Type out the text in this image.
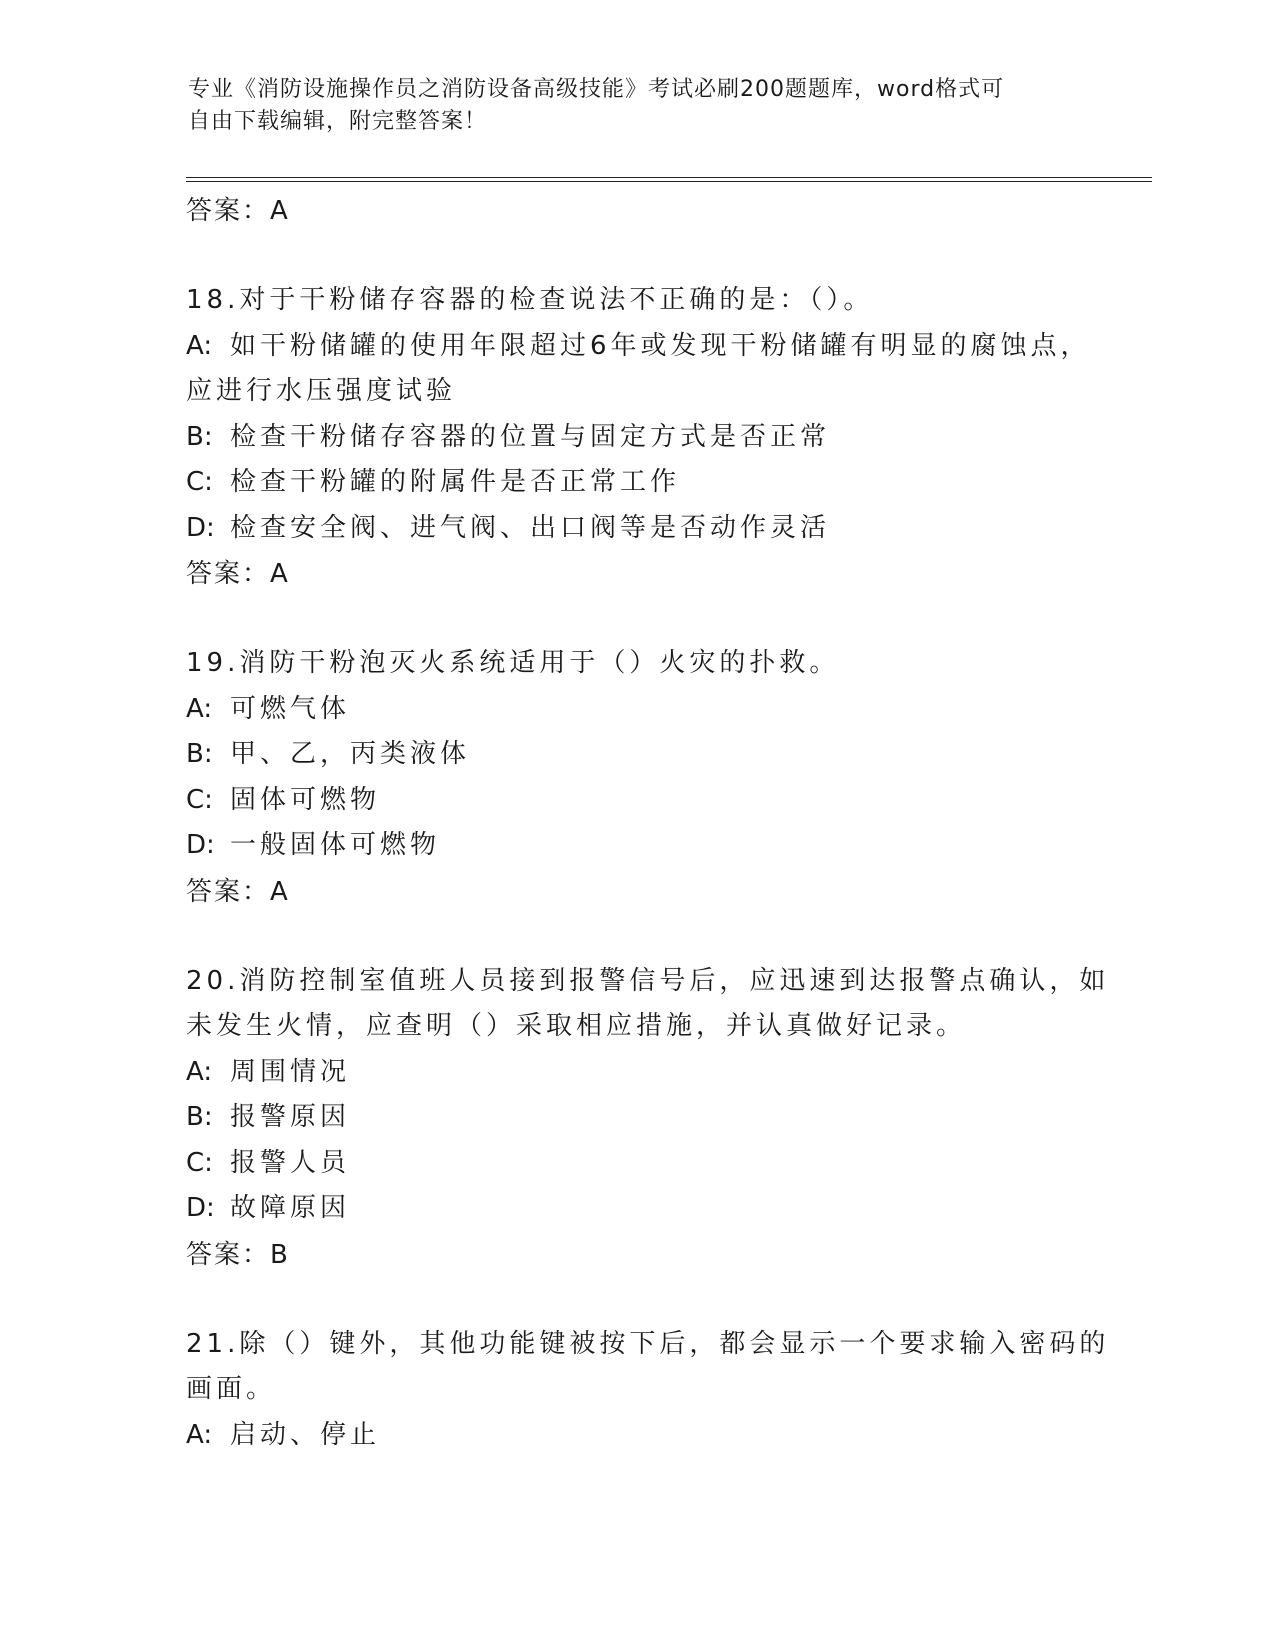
专业《消防设施操作员之消防设备高级技能》考试必刷200题题库，word格式可
自由下载编辑，附完整答案！
答案：A
18.对于干粉储存容器的检查说法不正确的是：（）。
A: 如干粉储罐的使用年限超过6年或发现干粉储罐有明显的腐蚀点，
应进行水压强度试验
B: 检查干粉储存容器的位置与固定方式是否正常
C: 检查干粉罐的附属件是否正常工作
D: 检查安全阀、进气阀、出口阀等是否动作灵活
答案：A
19.消防干粉泡灭火系统适用于（）火灾的扑救。
A: 可燃气体
B: 甲、乙，丙类液体
C: 固体可燃物
D: 一般固体可燃物
答案：A
20.消防控制室值班人员接到报警信号后，应迅速到达报警点确认，如
未发生火情，应查明（）采取相应措施，并认真做好记录。
A: 周围情况
B: 报警原因
C: 报警人员
D: 故障原因
答案：B
21.除（）键外，其他功能键被按下后，都会显示一个要求输入密码的
画面。
A: 启动、停止
